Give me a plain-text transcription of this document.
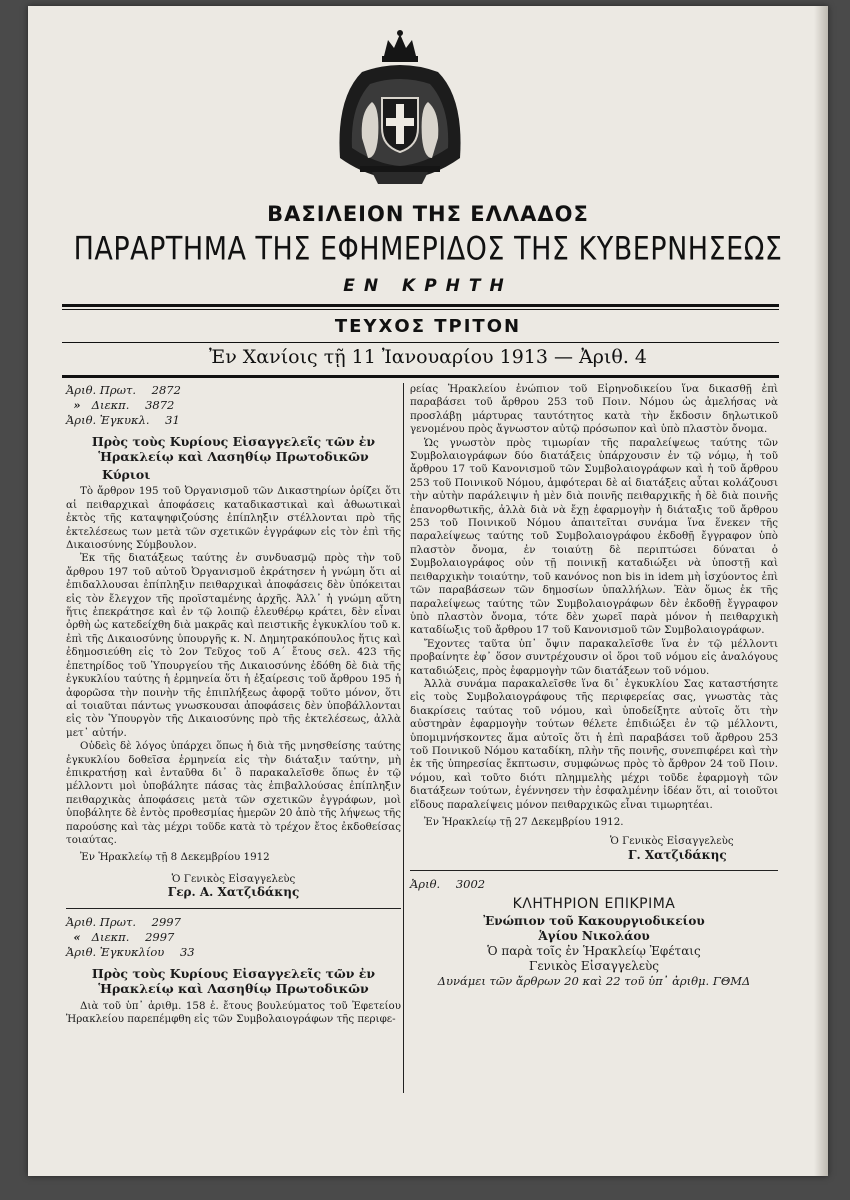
ΒΑΣΙΛΕΙΟΝ ΤΗΣ ΕΛΛΑΔΟΣ
ΠΑΡΑΡΤΗΜΑ ΤΗΣ ΕΦΗΜΕΡΙΔΟΣ ΤΗΣ ΚΥΒΕΡΝΗΣΕΩΣ
ΕΝ ΚΡΗΤΗ
ΤΕΥΧΟΣ ΤΡΙΤΟΝ
Ἐν Χανίοις τῇ 11 Ἰανουαρίου 1913 — Ἀριθ. 4
Ἀριθ. Πρωτ. 2872
» Διεκπ. 3872
Ἀριθ. Ἐγκυκλ. 31
Πρὸς τοὺς Κυρίους Εἰσαγγελεῖς τῶν ἐν Ἡρακλείῳ καὶ Λασηθίῳ Πρωτοδικῶν
Κύριοι

Τὸ ἄρθρον 195 τοῦ Ὀργανισμοῦ τῶν Δικαστηρίων ὁρίζει ὅτι αἱ πειθαρχικαὶ ἀποφάσεις καταδικαστικαὶ καὶ ἀθωωτικαὶ ἐκτὸς τῆς καταψηφιζούσης ἐπίπληξιν στέλλονται πρὸ τῆς ἐκτελέσεως των μετὰ τῶν σχετικῶν ἐγγράφων εἰς τὸν ἐπὶ τῆς Δικαιοσύνης Σύμβουλον.

Ἐκ τῆς διατάξεως ταύτης ἐν συνδυασμῷ πρὸς τὴν τοῦ ἄρθρου 197 τοῦ αὐτοῦ Ὀργανισμοῦ ἐκράτησεν ἡ γνώμη ὅτι αἱ ἐπιδαλλουσαι ἐπίπληξιν πειθαρχικαὶ ἀποφάσεις δὲν ὑπόκειται εἰς τὸν ἔλεγχον τῆς προϊσταμένης ἀρχῆς. Ἀλλ᾽ ἡ γνώμη αὕτη ἥτις ἐπεκράτησε καὶ ἐν τῷ λοιπῷ ἐλευθέρῳ κράτει, δὲν εἶναι ὀρθὴ ὡς κατεδείχθη διὰ μακρᾶς καὶ πειστικῆς ἐγκυκλίου τοῦ κ. ἐπὶ τῆς Δικαιοσύνης ὑπουργῆς κ. Ν. Δημητρακόπουλος ἥτις καὶ ἐδημοσιεύθη εἰς τὸ 2ον Τεῦχος τοῦ Α΄ ἔτους σελ. 423 τῆς ἐπετηρίδος τοῦ Ὑπουργείου τῆς Δικαιοσύνης ἐδόθη δὲ διὰ τῆς ἐγκυκλίου ταύτης ἡ ἑρμηνεία ὅτι ἡ ἐξαίρεσις τοῦ ἄρθρου 195 ἡ ἀφορῶσα τὴν ποινὴν τῆς ἐπιπλήξεως ἀφορᾷ τοῦτο μόνον, ὅτι αἱ τοιαῦται πάντως γνωσκουσαι ἀποφάσεις δὲν ὑποβάλλονται εἰς τὸν Ὑπουργὸν τῆς Δικαιοσύνης πρὸ τῆς ἐκτελέσεως, ἀλλὰ μετ᾽ αὐτήν.

Οὐδεὶς δὲ λόγος ὑπάρχει ὅπως ἡ διὰ τῆς μνησθείσης ταύτης ἐγκυκλίου δοθεῖσα ἑρμηνεία εἰς τὴν διάταξιν ταύτην, μὴ ἐπικρατήσῃ καὶ ἐνταῦθα δι᾽ ὃ παρακαλεῖσθε ὅπως ἐν τῷ μέλλοντι μοὶ ὑποβάλητε πάσας τὰς ἐπιβαλλούσας ἐπίπληξιν πειθαρχικὰς ἀποφάσεις μετὰ τῶν σχετικῶν ἐγγράφων, μοὶ ὑποβάλητε δὲ ἐντὸς προθεσμίας ἡμερῶν 20 ἀπὸ τῆς λήψεως τῆς παρούσης καὶ τὰς μέχρι τοῦδε κατὰ τὸ τρέχον ἔτος ἐκδοθείσας τοιαύτας.

Ἐν Ἡρακλείῳ τῇ 8 Δεκεμβρίου 1912
Ὁ Γενικὸς Εἰσαγγελεὺς
Γερ. Α. Χατζιδάκης
Ἀριθ. Πρωτ. 2997
« Διεκπ. 2997
Ἀριθ. Ἐγκυκλίου 33
Πρὸς τοὺς Κυρίους Εἰσαγγελεῖς τῶν ἐν Ἡρακλείῳ καὶ Λασηθίῳ Πρωτοδικῶν

Διὰ τοῦ ὑπ᾽ ἀριθμ. 158 ἐ. ἔτους βουλεύματος τοῦ Ἐφετείου Ἡρακλείου παρεπέμφθη εἰς τῶν Συμβολαιογράφων τῆς περιφε-

ρείας Ἡρακλείου ἐνώπιον τοῦ Εἰρηνοδικείου ἵνα δικασθῇ ἐπὶ παραβάσει τοῦ ἄρθρου 253 τοῦ Ποιν. Νόμου ὡς ἀμελήσας νὰ προσλάβῃ μάρτυρας ταυτότητος κατὰ τὴν ἔκδοσιν δηλωτικοῦ γενομένου πρὸς ἄγνωστον αὐτῷ πρόσωπον καὶ ὑπὸ πλαστὸν ὄνομα.

Ὡς γνωστὸν πρὸς τιμωρίαν τῆς παραλείψεως ταύτης τῶν Συμβολαιογράφων δύο διατάξεις ὑπάρχουσιν ἐν τῷ νόμῳ, ἡ τοῦ ἄρθρου 17 τοῦ Κανονισμοῦ τῶν Συμβολαιογράφων καὶ ἡ τοῦ ἄρθρου 253 τοῦ Ποινικοῦ Νόμου, ἀμφότεραι δὲ αἱ διατάξεις αὗται κολάζουσι τὴν αὐτὴν παράλειψιν ἡ μὲν διὰ ποινῆς πειθαρχικῆς ἡ δὲ διὰ ποινῆς ἐπανορθωτικῆς, ἀλλὰ διὰ νὰ ἔχῃ ἐφαρμογὴν ἡ διάταξις τοῦ ἄρθρου 253 τοῦ Ποινικοῦ Νόμου ἀπαιτεῖται συνάμα ἵνα ἕνεκεν τῆς παραλείψεως ταύτης τοῦ Συμβολαιογράφου ἐκδοθῇ ἔγγραφον ὑπὸ πλαστὸν ὄνομα, ἐν τοιαύτῃ δὲ περιπτώσει δύναται ὁ Συμβολαιογράφος οὐν τῇ ποινικῇ καταδιώξει νὰ ὑποστῇ καὶ πειθαρχικὴν τοιαύτην, τοῦ κανόνος non bis in idem μὴ ἰσχύοντος ἐπὶ τῶν παραβάσεων τῶν δημοσίων ὑπαλλήλων. Ἐὰν ὅμως ἐκ τῆς παραλείψεως ταύτης τῶν Συμβολαιογράφων δὲν ἐκδοθῇ ἔγγραφον ὑπὸ πλαστὸν ὄνομα, τότε δὲν χωρεῖ παρὰ μόνον ἡ πειθαρχικὴ καταδίωξις τοῦ ἄρθρου 17 τοῦ Κανονισμοῦ τῶν Συμβολαιογράφων.

Ἔχοντες ταῦτα ὑπ᾽ ὄψιν παρακαλεῖσθε ἵνα ἐν τῷ μέλλοντι προβαίνητε ἐφ᾽ ὅσον συντρέχουσιν οἱ ὅροι τοῦ νόμου εἰς ἀναλόγους καταδιώξεις, πρὸς ἐφαρμογὴν τῶν διατάξεων τοῦ νόμου.

Ἀλλὰ συνάμα παρακαλεῖσθε ἵνα δι᾽ ἐγκυκλίου Σας καταστήσητε εἰς τοὺς Συμβολαιογράφους τῆς περιφερείας σας, γνωστὰς τὰς διακρίσεις ταύτας τοῦ νόμου, καὶ ὑποδείξητε αὐτοῖς ὅτι τὴν αὐστηρὰν ἐφαρμογὴν τούτων θέλετε ἐπιδιώξει ἐν τῷ μέλλοντι, ὑπομιμνήσκοντες ἅμα αὐτοῖς ὅτι ἡ ἐπὶ παραβάσει τοῦ ἄρθρου 253 τοῦ Ποινικοῦ Νόμου καταδίκη, πλὴν τῆς ποινῆς, συνεπιφέρει καὶ τὴν ἐκ τῆς ὑπηρεσίας ἔκπτωσιν, συμφώνως πρὸς τὸ ἄρθρον 24 τοῦ Ποιν. νόμου, καὶ τοῦτο διότι πλημμελὴς μέχρι τοῦδε ἐφαρμογὴ τῶν διατάξεων τούτων, ἐγέννησεν τὴν ἐσφαλμένην ἰδέαν ὅτι, αἱ τοιοῦτοι εἴδους παραλείψεις μόνον πειθαρχικῶς εἶναι τιμωρητέαι.

Ἐν Ἡρακλείῳ τῇ 27 Δεκεμβρίου 1912.
Ὁ Γενικὸς Εἰσαγγελεὺς
Γ. Χατζιδάκης
Ἀριθ. 3002
ΚΛΗΤΗΡΙΟΝ ΕΠΙΚΡΙΜΑ
Ἐνώπιον τοῦ Κακουργιοδικείου
Ἁγίου Νικολάου
Ὁ παρὰ τοῖς ἐν Ἡρακλείῳ Ἐφέταις
Γενικὸς Εἰσαγγελεὺς
Δυνάμει τῶν ἄρθρων 20 καὶ 22 τοῦ ὑπ᾽ ἀριθμ. ΓΘΜΔ
